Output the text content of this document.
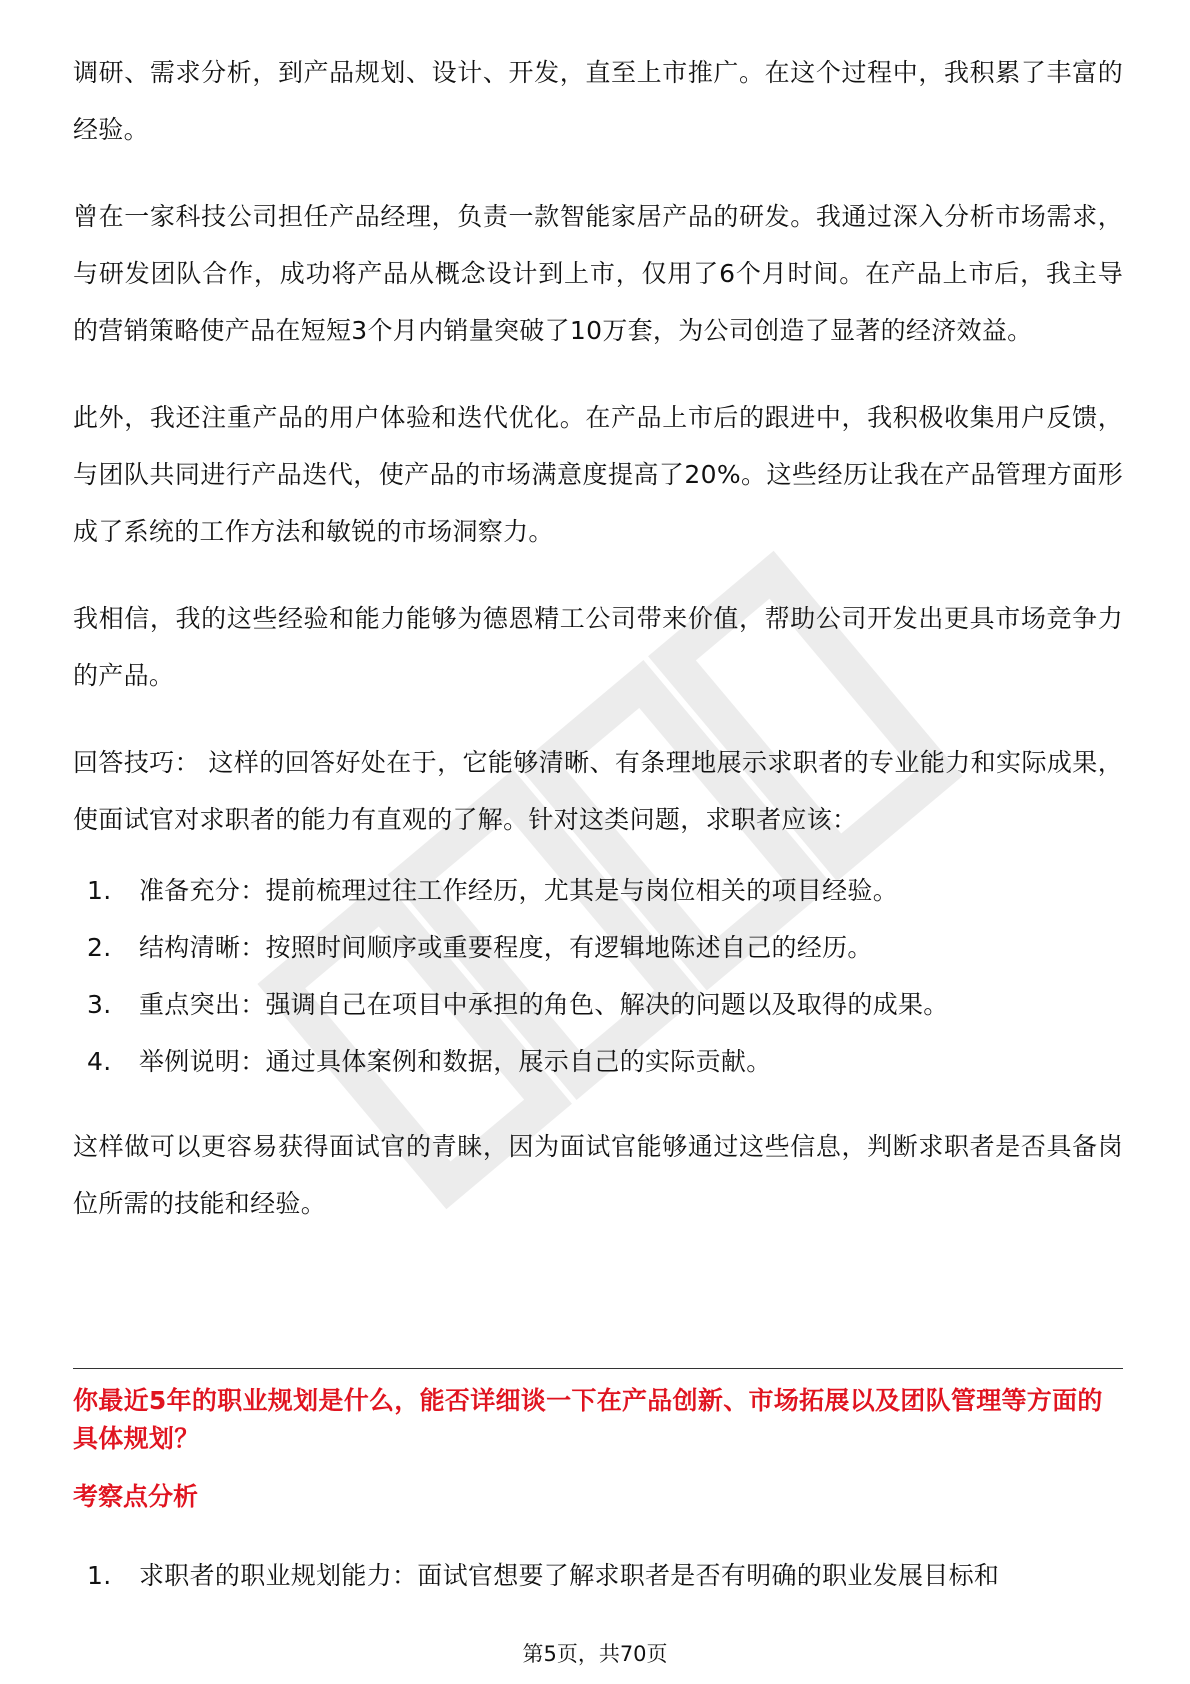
调研、需求分析，到产品规划、设计、开发，直至上市推广。在这个过程中，我积累了丰富的经验。

曾在一家科技公司担任产品经理，负责一款智能家居产品的研发。我通过深入分析市场需求，与研发团队合作，成功将产品从概念设计到上市，仅用了6个月时间。在产品上市后，我主导的营销策略使产品在短短3个月内销量突破了10万套，为公司创造了显著的经济效益。

此外，我还注重产品的用户体验和迭代优化。在产品上市后的跟进中，我积极收集用户反馈，与团队共同进行产品迭代，使产品的市场满意度提高了20%。这些经历让我在产品管理方面形成了系统的工作方法和敏锐的市场洞察力。

我相信，我的这些经验和能力能够为德恩精工公司带来价值，帮助公司开发出更具市场竞争力的产品。

回答技巧： 这样的回答好处在于，它能够清晰、有条理地展示求职者的专业能力和实际成果，使面试官对求职者的能力有直观的了解。针对这类问题，求职者应该：

1.	准备充分：提前梳理过往工作经历，尤其是与岗位相关的项目经验。
2.	结构清晰：按照时间顺序或重要程度，有逻辑地陈述自己的经历。
3.	重点突出：强调自己在项目中承担的角色、解决的问题以及取得的成果。
4.	举例说明：通过具体案例和数据，展示自己的实际贡献。

这样做可以更容易获得面试官的青睐，因为面试官能够通过这些信息，判断求职者是否具备岗位所需的技能和经验。

你最近5年的职业规划是什么，能否详细谈一下在产品创新、市场拓展以及团队管理等方面的具体规划？
考察点分析
1.	求职者的职业规划能力：面试官想要了解求职者是否有明确的职业发展目标和
第5页，共70页
